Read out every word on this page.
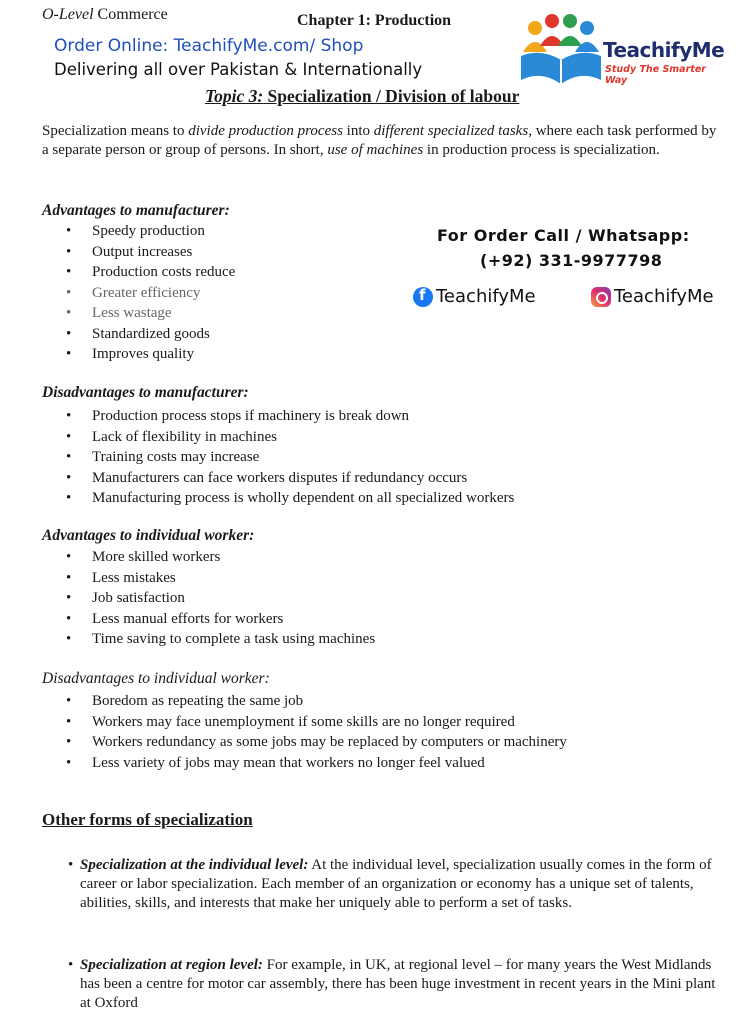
O-Level Commerce	Chapter 1: Production
Order Online: TeachifyMe.com/ Shop
Delivering all over Pakistan & Internationally
TeachifyMe
Study The Smarter Way
Topic 3: Specialization / Division of labour
Specialization means to divide production process into different specialized tasks, where each task performed by a separate person or group of persons. In short, use of machines in production process is specialization.
Advantages to manufacturer:
• Speedy production
• Output increases
• Production costs reduce
• Greater efficiency
• Less wastage
• Standardized goods
• Improves quality
For Order Call / Whatsapp:
(+92) 331-9977798
f
TeachifyMe	TeachifyMe
Disadvantages to manufacturer:
• Production process stops if machinery is break down
• Lack of flexibility in machines
• Training costs may increase
• Manufacturers can face workers disputes if redundancy occurs
• Manufacturing process is wholly dependent on all specialized workers
Advantages to individual worker:
• More skilled workers
• Less mistakes
• Job satisfaction
• Less manual efforts for workers
• Time saving to complete a task using machines
Disadvantages to individual worker:
• Boredom as repeating the same job
• Workers may face unemployment if some skills are no longer required
• Workers redundancy as some jobs may be replaced by computers or machinery
• Less variety of jobs may mean that workers no longer feel valued
Other forms of specialization
• Specialization at the individual level: At the individual level, specialization usually comes in the form of career or labor specialization. Each member of an organization or economy has a unique set of talents, abilities, skills, and interests that make her uniquely able to perform a set of tasks.
• Specialization at region level: For example, in UK, at regional level – for many years the West Midlands has been a centre for motor car assembly, there has been huge investment in recent years in the Mini plant at Oxford
